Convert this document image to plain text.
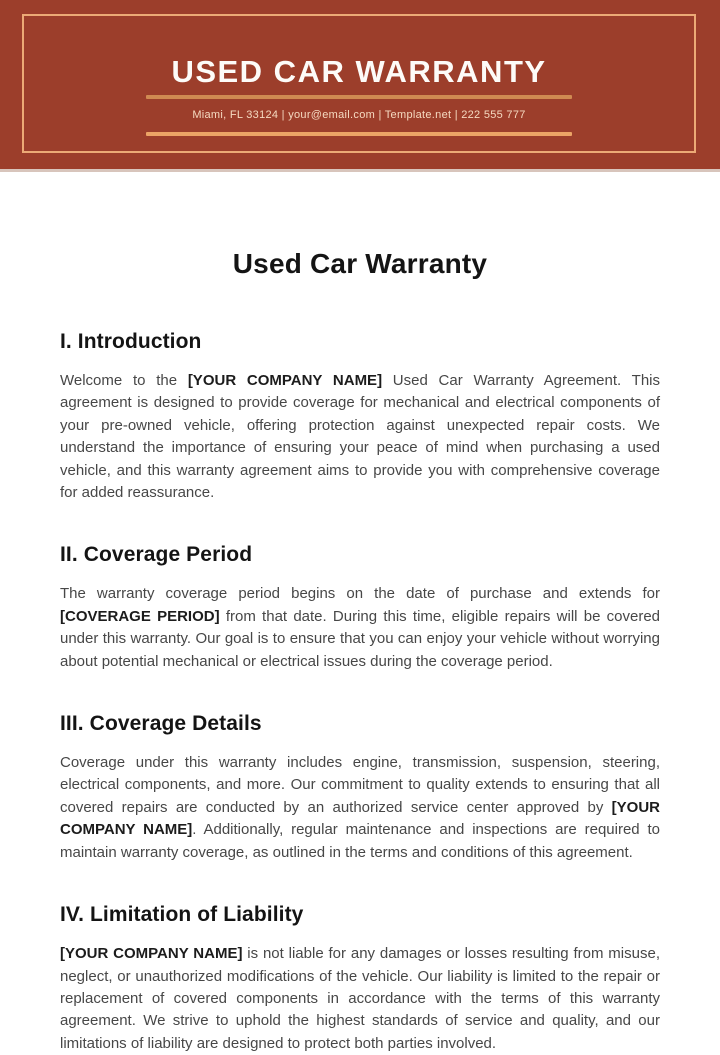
USED CAR WARRANTY

Miami, FL 33124 | your@email.com | Template.net | 222 555 777

Used Car Warranty
I. Introduction

Welcome to the [YOUR COMPANY NAME] Used Car Warranty Agreement. This agreement is designed to provide coverage for mechanical and electrical components of your pre-owned vehicle, offering protection against unexpected repair costs. We understand the importance of ensuring your peace of mind when purchasing a used vehicle, and this warranty agreement aims to provide you with comprehensive coverage for added reassurance.

II. Coverage Period

The warranty coverage period begins on the date of purchase and extends for [COVERAGE PERIOD] from that date. During this time, eligible repairs will be covered under this warranty. Our goal is to ensure that you can enjoy your vehicle without worrying about potential mechanical or electrical issues during the coverage period.

III. Coverage Details

Coverage under this warranty includes engine, transmission, suspension, steering, electrical components, and more. Our commitment to quality extends to ensuring that all covered repairs are conducted by an authorized service center approved by [YOUR COMPANY NAME]. Additionally, regular maintenance and inspections are required to maintain warranty coverage, as outlined in the terms and conditions of this agreement.

IV. Limitation of Liability

[YOUR COMPANY NAME] is not liable for any damages or losses resulting from misuse, neglect, or unauthorized modifications of the vehicle. Our liability is limited to the repair or replacement of covered components in accordance with the terms of this warranty agreement. We strive to uphold the highest standards of service and quality, and our limitations of liability are designed to protect both parties involved.
